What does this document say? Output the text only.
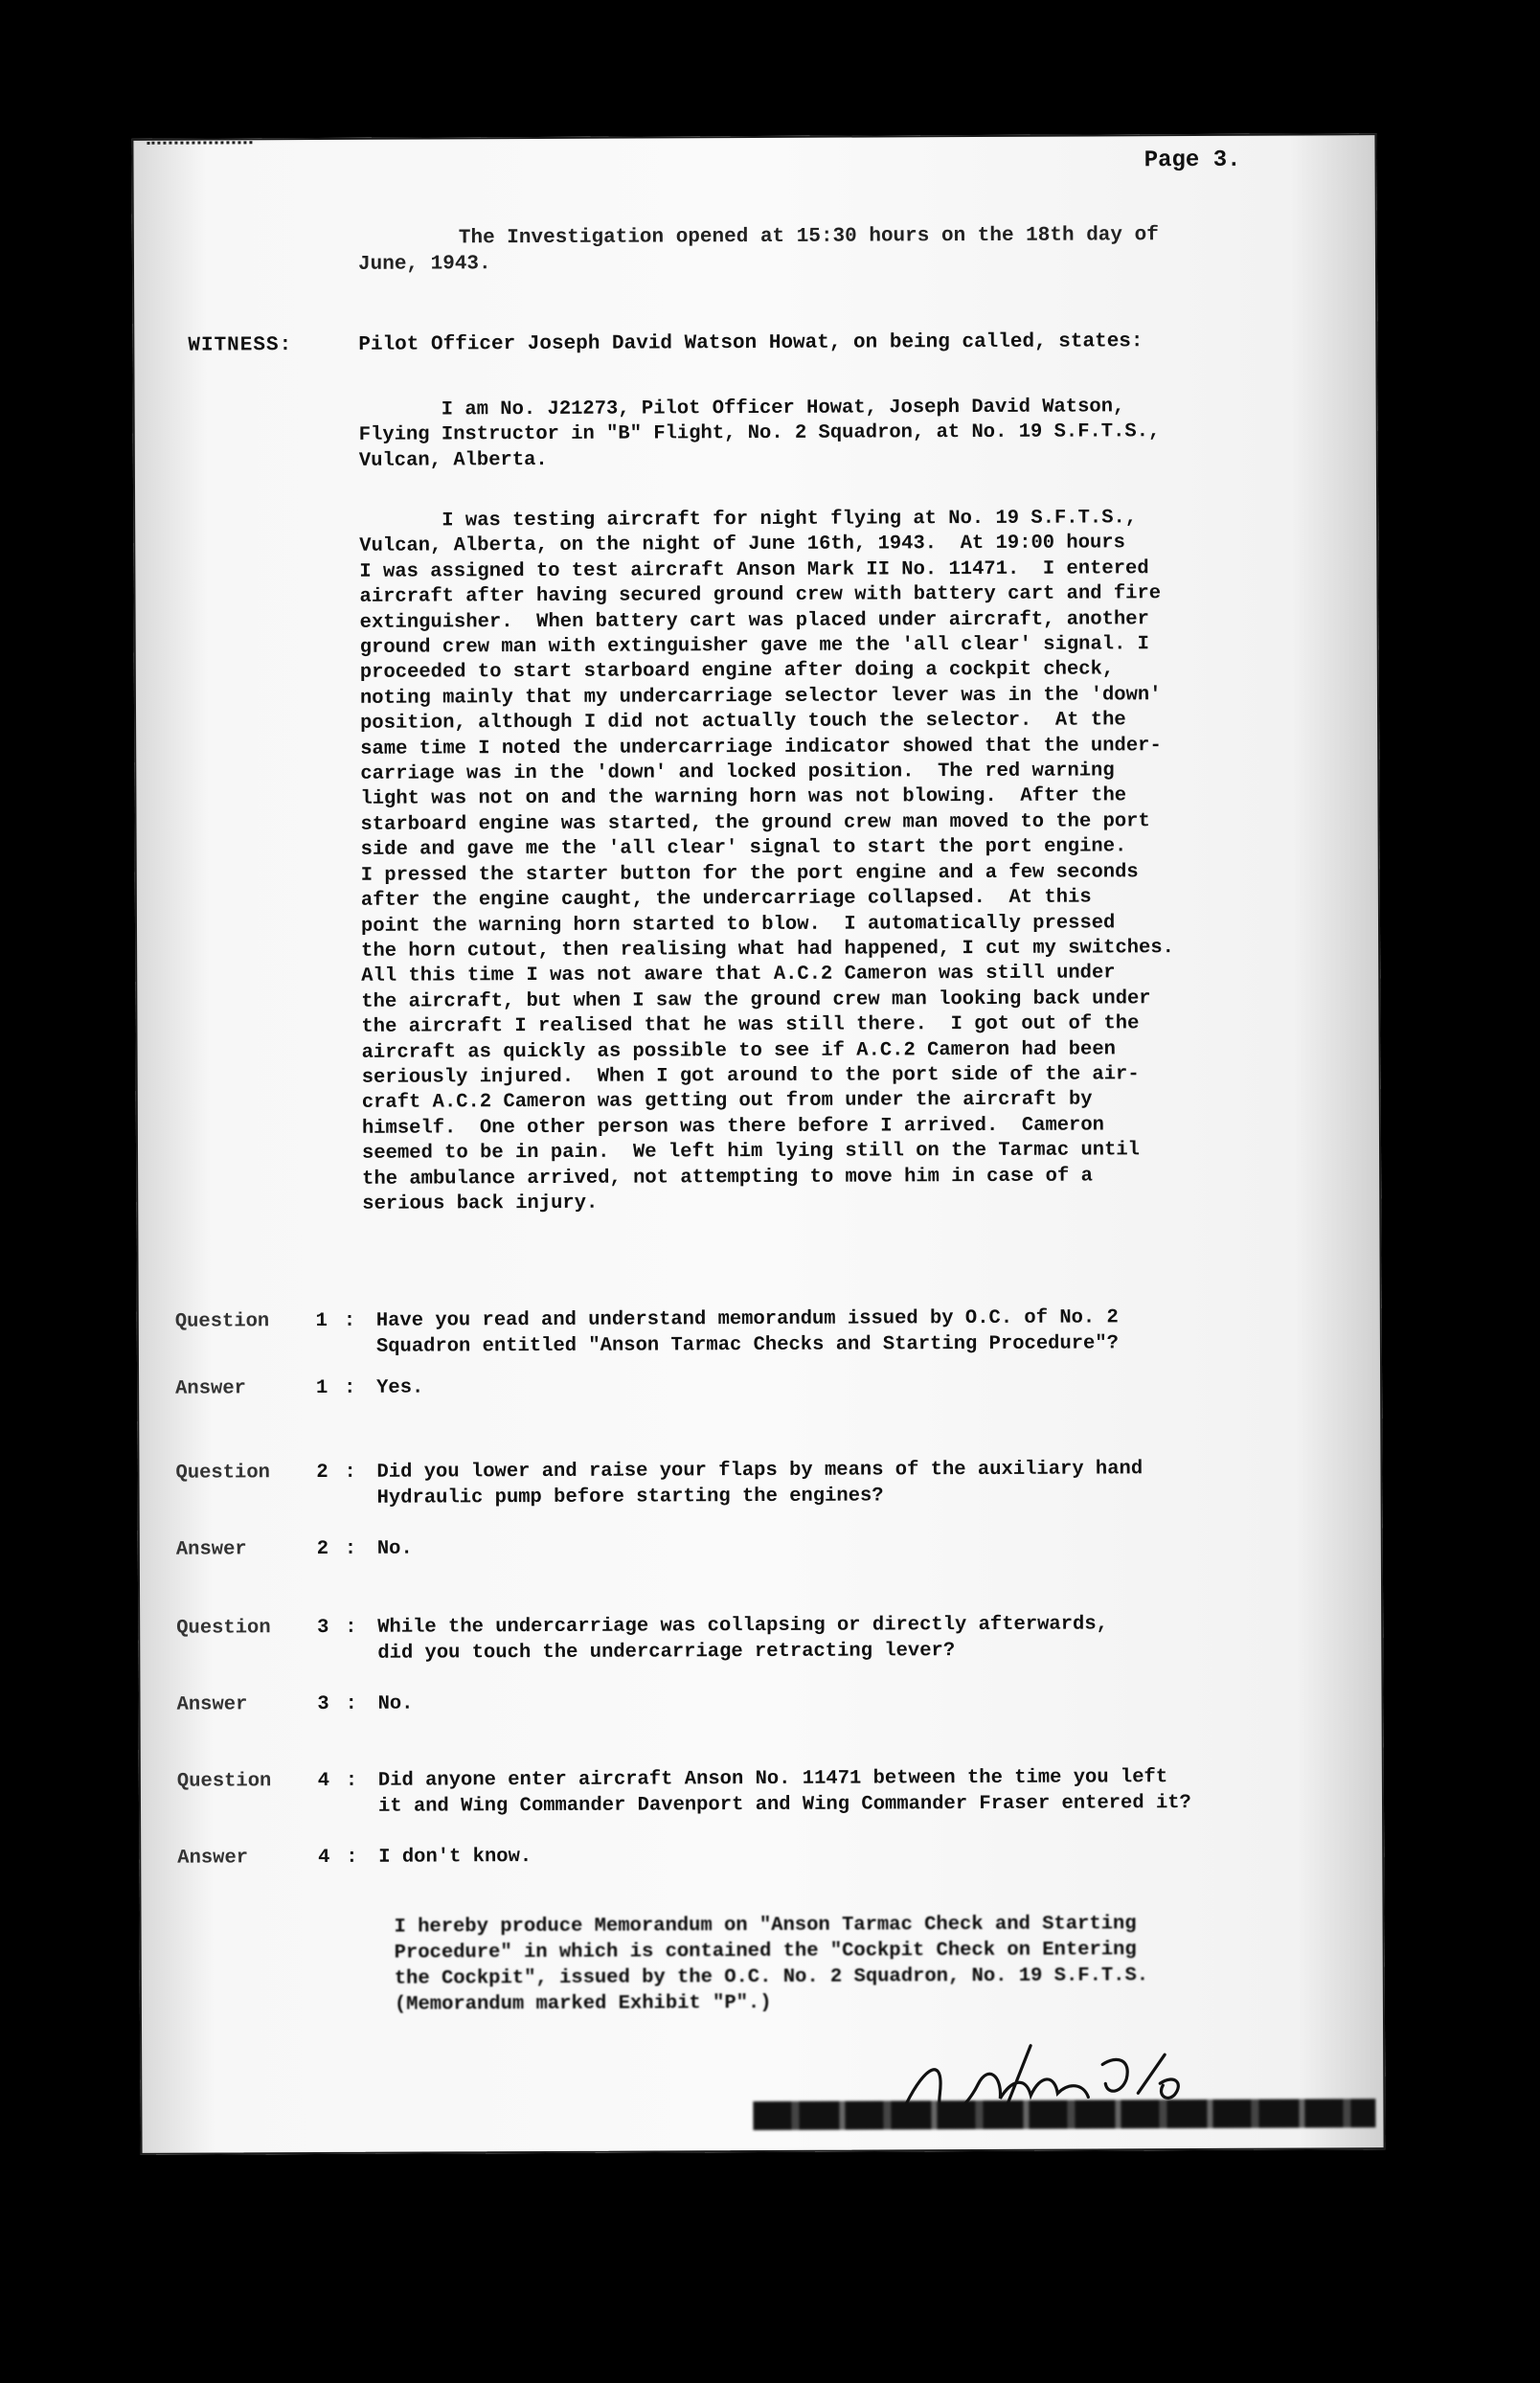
Page 3.
The Investigation opened at 15:30 hours on the 18th day of
June, 1943.
WITNESS:	Pilot Officer Joseph David Watson Howat, on being called, states:
I am No. J21273, Pilot Officer Howat, Joseph David Watson,
Flying Instructor in "B" Flight, No. 2 Squadron, at No. 19 S.F.T.S.,
Vulcan, Alberta.
I was testing aircraft for night flying at No. 19 S.F.T.S.,
Vulcan, Alberta, on the night of June 16th, 1943.  At 19:00 hours
I was assigned to test aircraft Anson Mark II No. 11471.  I entered
aircraft after having secured ground crew with battery cart and fire
extinguisher.  When battery cart was placed under aircraft, another
ground crew man with extinguisher gave me the 'all clear' signal. I
proceeded to start starboard engine after doing a cockpit check,
noting mainly that my undercarriage selector lever was in the 'down'
position, although I did not actually touch the selector.  At the
same time I noted the undercarriage indicator showed that the under-
carriage was in the 'down' and locked position.  The red warning
light was not on and the warning horn was not blowing.  After the
starboard engine was started, the ground crew man moved to the port
side and gave me the 'all clear' signal to start the port engine.
I pressed the starter button for the port engine and a few seconds
after the engine caught, the undercarriage collapsed.  At this
point the warning horn started to blow.  I automatically pressed
the horn cutout, then realising what had happened, I cut my switches.
All this time I was not aware that A.C.2 Cameron was still under
the aircraft, but when I saw the ground crew man looking back under
the aircraft I realised that he was still there.  I got out of the
aircraft as quickly as possible to see if A.C.2 Cameron had been
seriously injured.  When I got around to the port side of the air-
craft A.C.2 Cameron was getting out from under the aircraft by
himself.  One other person was there before I arrived.  Cameron
seemed to be in pain.  We left him lying still on the Tarmac until
the ambulance arrived, not attempting to move him in case of a
serious back injury.
Question	1 :	Have you read and understand memorandum issued by O.C. of No. 2
Squadron entitled "Anson Tarmac Checks and Starting Procedure"?
Answer	1 :	Yes.
Question	2 :	Did you lower and raise your flaps by means of the auxiliary hand
Hydraulic pump before starting the engines?
Answer	2 :	No.
Question	3 :	While the undercarriage was collapsing or directly afterwards,
did you touch the undercarriage retracting lever?
Answer	3 :	No.
Question	4 :	Did anyone enter aircraft Anson No. 11471 between the time you left
it and Wing Commander Davenport and Wing Commander Fraser entered it?
Answer	4 :	I don't know.
I hereby produce Memorandum on "Anson Tarmac Check and Starting
Procedure" in which is contained the "Cockpit Check on Entering
the Cockpit", issued by the O.C. No. 2 Squadron, No. 19 S.F.T.S.
(Memorandum marked Exhibit "P".)
